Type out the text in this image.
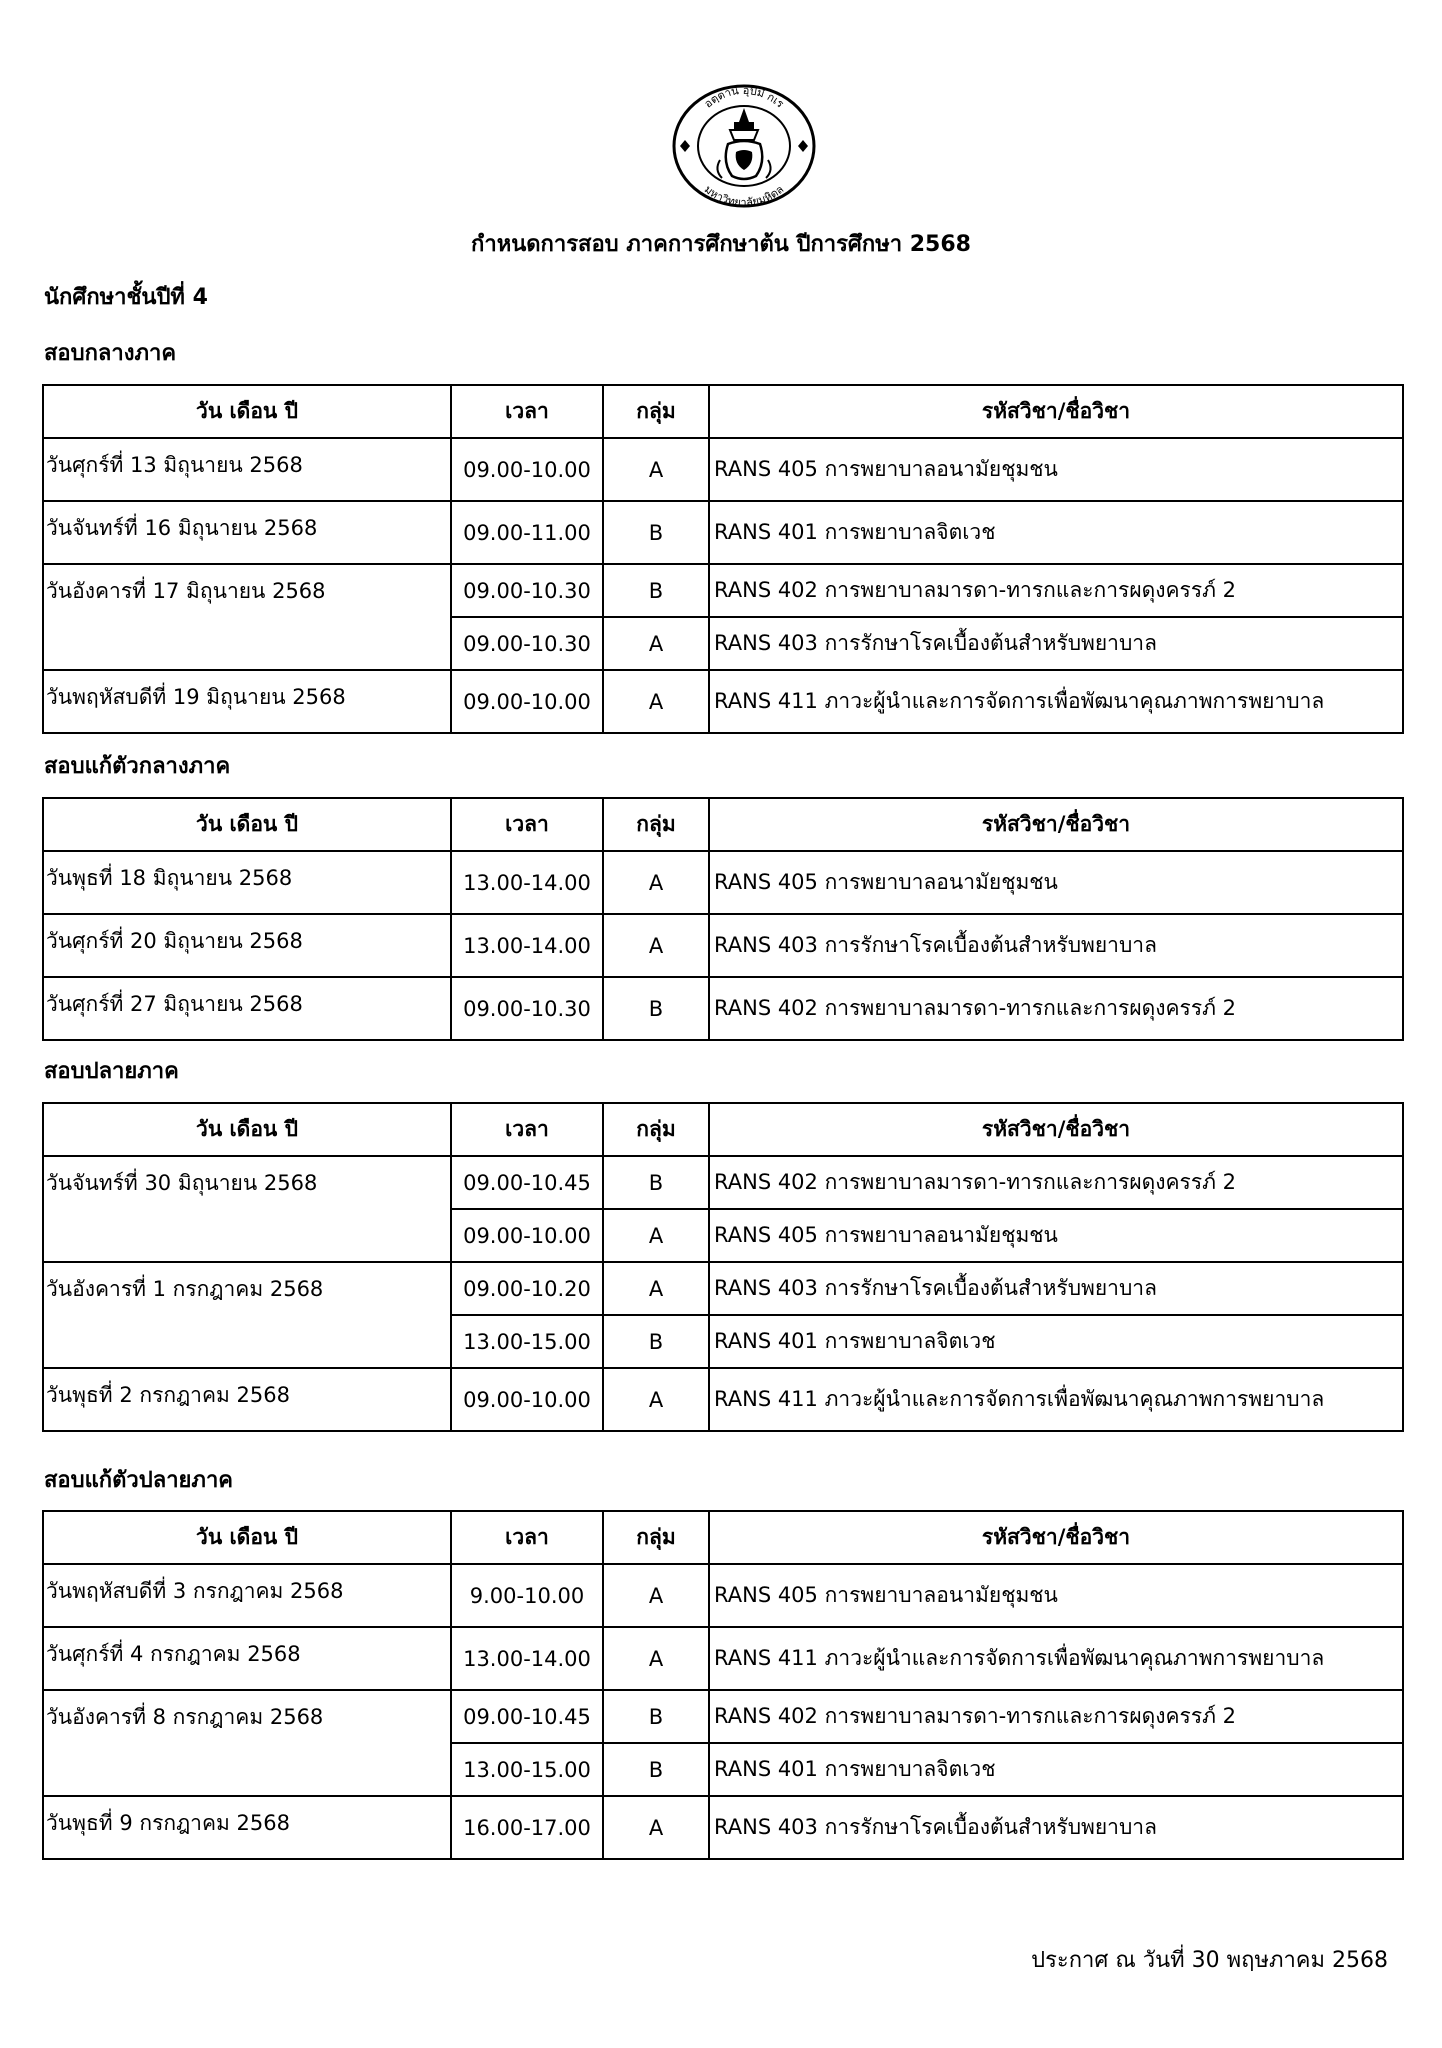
อตฺตานํ อุปมํ กเร
มหาวิทยาลัยมหิดล
กำหนดการสอบ ภาคการศึกษาต้น ปีการศึกษา 2568
นักศึกษาชั้นปีที่ 4
สอบกลางภาค
วัน เดือน ปี	เวลา	กลุ่ม	รหัสวิชา/ชื่อวิชา
วันศุกร์ที่ 13 มิถุนายน 2568	09.00-10.00	A	RANS 405 การพยาบาลอนามัยชุมชน
วันจันทร์ที่ 16 มิถุนายน 2568	09.00-11.00	B	RANS 401 การพยาบาลจิตเวช
วันอังคารที่ 17 มิถุนายน 2568	09.00-10.30	B	RANS 402 การพยาบาลมารดา-ทารกและการผดุงครรภ์ 2
	09.00-10.30	A	RANS 403 การรักษาโรคเบื้องต้นสำหรับพยาบาล
วันพฤหัสบดีที่ 19 มิถุนายน 2568	09.00-10.00	A	RANS 411 ภาวะผู้นำและการจัดการเพื่อพัฒนาคุณภาพการพยาบาล
สอบแก้ตัวกลางภาค
วัน เดือน ปี	เวลา	กลุ่ม	รหัสวิชา/ชื่อวิชา
วันพุธที่ 18 มิถุนายน 2568	13.00-14.00	A	RANS 405 การพยาบาลอนามัยชุมชน
วันศุกร์ที่ 20 มิถุนายน 2568	13.00-14.00	A	RANS 403 การรักษาโรคเบื้องต้นสำหรับพยาบาล
วันศุกร์ที่ 27 มิถุนายน 2568	09.00-10.30	B	RANS 402 การพยาบาลมารดา-ทารกและการผดุงครรภ์ 2
สอบปลายภาค
วัน เดือน ปี	เวลา	กลุ่ม	รหัสวิชา/ชื่อวิชา
วันจันทร์ที่ 30 มิถุนายน 2568	09.00-10.45	B	RANS 402 การพยาบาลมารดา-ทารกและการผดุงครรภ์ 2
	09.00-10.00	A	RANS 405 การพยาบาลอนามัยชุมชน
วันอังคารที่ 1 กรกฎาคม 2568	09.00-10.20	A	RANS 403 การรักษาโรคเบื้องต้นสำหรับพยาบาล
	13.00-15.00	B	RANS 401 การพยาบาลจิตเวช
วันพุธที่ 2 กรกฎาคม 2568	09.00-10.00	A	RANS 411 ภาวะผู้นำและการจัดการเพื่อพัฒนาคุณภาพการพยาบาล
สอบแก้ตัวปลายภาค
วัน เดือน ปี	เวลา	กลุ่ม	รหัสวิชา/ชื่อวิชา
วันพฤหัสบดีที่ 3 กรกฎาคม 2568	9.00-10.00	A	RANS 405 การพยาบาลอนามัยชุมชน
วันศุกร์ที่ 4 กรกฎาคม 2568	13.00-14.00	A	RANS 411 ภาวะผู้นำและการจัดการเพื่อพัฒนาคุณภาพการพยาบาล
วันอังคารที่ 8 กรกฎาคม 2568	09.00-10.45	B	RANS 402 การพยาบาลมารดา-ทารกและการผดุงครรภ์ 2
	13.00-15.00	B	RANS 401 การพยาบาลจิตเวช
วันพุธที่ 9 กรกฎาคม 2568	16.00-17.00	A	RANS 403 การรักษาโรคเบื้องต้นสำหรับพยาบาล
ประกาศ ณ วันที่ 30 พฤษภาคม 2568
